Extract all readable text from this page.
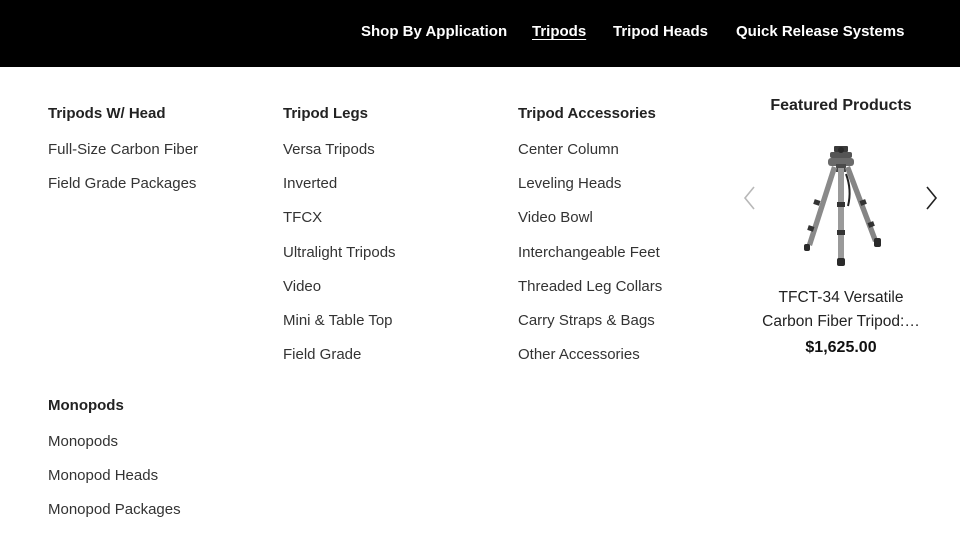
Shop By Application Tripods Tripod Heads Quick Release Systems
Tripods W/ Head
Full-Size Carbon Fiber
Field Grade Packages
Monopods
Monopods
Monopod Heads
Monopod Packages
Tripod Legs
Versa Tripods
Inverted
TFCX
Ultralight Tripods
Video
Mini & Table Top
Field Grade
Tripod Accessories
Center Column
Leveling Heads
Video Bowl
Interchangeable Feet
Threaded Leg Collars
Carry Straps & Bags
Other Accessories
Featured Products
TFCT-34 Versatile
Carbon Fiber Tripod:…
$1,625.00
